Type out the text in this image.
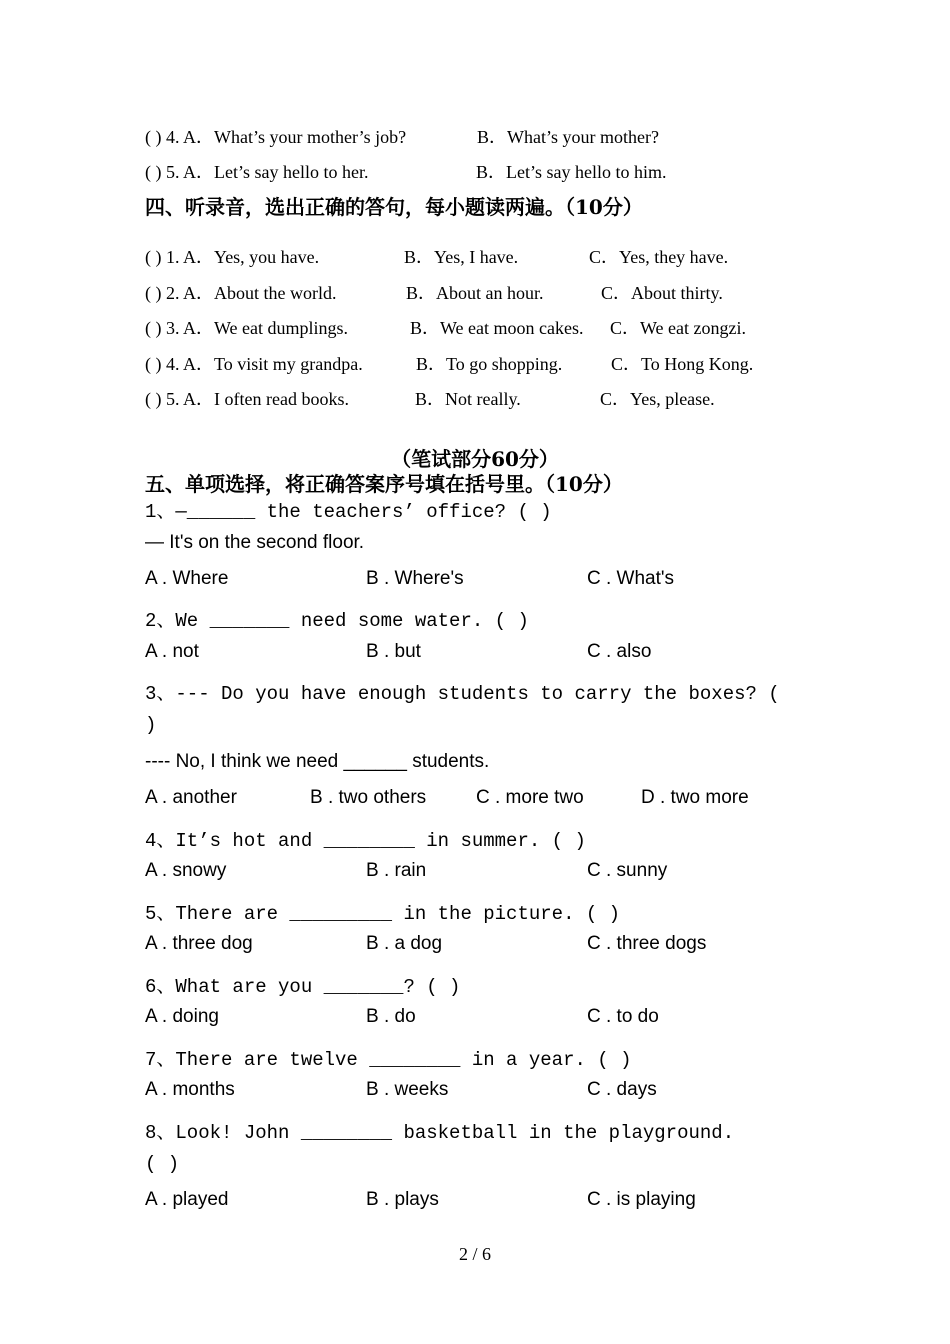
( ) 4. A．What’s your mother’s job?	B．What’s your mother?
( ) 5. A．Let’s say hello to her.	B．Let’s say hello to him.
四、听录音，选出正确的答句，每小题读两遍。（10分）
( ) 1. A．Yes, you have.	B．Yes, I have.	C．Yes, they have.
( ) 2. A．About the world.	B．About an hour.	C．About thirty.
( ) 3. A．We eat dumplings.	B．We eat moon cakes. C．We eat zongzi.
( ) 4. A．To visit my grandpa.	B．To go shopping.	C．To Hong Kong.
( ) 5. A．I often read books.	B．Not really.	C．Yes, please.
（笔试部分60分）
五、单项选择，将正确答案序号填在括号里。（10分）
1、—______ the teachers’ office? ( )
— It's on the second floor.
A . Where	B . Where's	C . What's
2、We _______ need some water. ( )
A . not	B . but	C . also
3、--- Do you have enough students to carry the boxes? (
)
---- No, I think we need ______ students.
A . another	B . two others	C . more two	D . two more
4、It’s hot and ________ in summer. ( )
A . snowy	B . rain	C . sunny
5、There are _________ in the picture. ( )
A . three dog	B . a dog	C . three dogs
6、What are you _______? ( )
A . doing	B . do	C . to do
7、There are twelve ________ in a year. ( )
A . months	B . weeks	C . days
8、Look! John ________ basketball in the playground.
( )
A . played	B . plays	C . is playing
2 / 6
